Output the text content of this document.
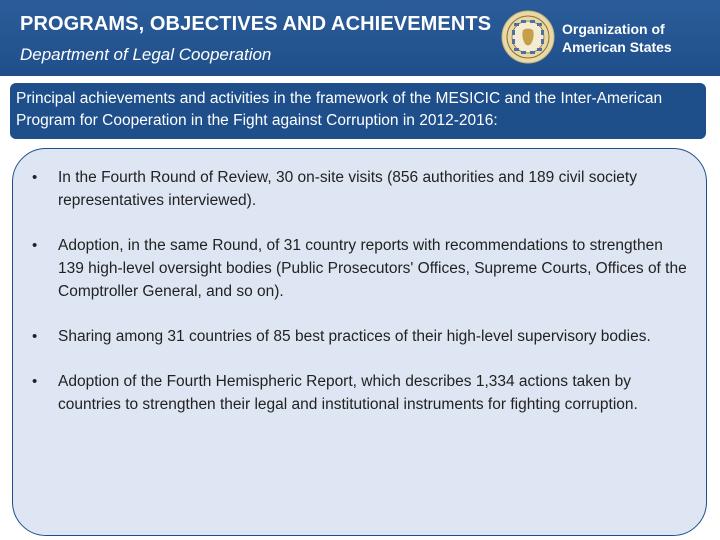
PROGRAMS, OBJECTIVES AND ACHIEVEMENTS
Department of Legal Cooperation
Organization of
American States
Principal achievements and activities in the framework of the MESICIC and the Inter-American Program for Cooperation in the Fight against Corruption in 2012-2016:
• In the Fourth Round of Review, 30 on-site visits (856 authorities and 189 civil society representatives interviewed).
• Adoption, in the same Round, of 31 country reports with recommendations to strengthen 139 high-level oversight bodies (Public Prosecutors' Offices, Supreme Courts, Offices of the Comptroller General, and so on).
• Sharing among 31 countries of 85 best practices of their high-level supervisory bodies.
• Adoption of the Fourth Hemispheric Report, which describes 1,334 actions taken by countries to strengthen their legal and institutional instruments for fighting corruption.
